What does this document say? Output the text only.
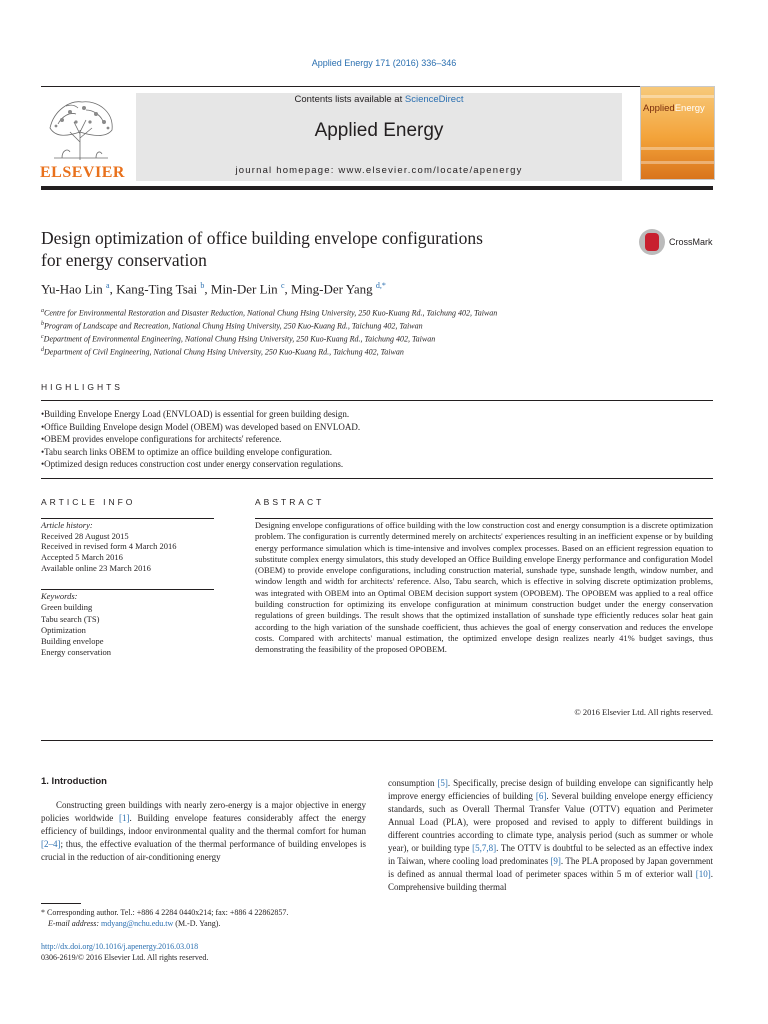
Applied Energy 171 (2016) 336–346
ELSEVIER
Contents lists available at ScienceDirect
Applied Energy
journal homepage: www.elsevier.com/locate/apenergy
AppliedEnergy
Design optimization of office building envelope configurations
for energy conservation
CrossMark
Yu-Hao Lin $^a$, Kang-Ting Tsai $^b$, Min-Der Lin $^c$, Ming-Der Yang $^{d,*}$
$^a$Centre for Environmental Restoration and Disaster Reduction, National Chung Hsing University, 250 Kuo-Kuang Rd., Taichung 402, Taiwan
$^b$Program of Landscape and Recreation, National Chung Hsing University, 250 Kuo-Kuang Rd., Taichung 402, Taiwan
$^c$Department of Environmental Engineering, National Chung Hsing University, 250 Kuo-Kuang Rd., Taichung 402, Taiwan
$^d$Department of Civil Engineering, National Chung Hsing University, 250 Kuo-Kuang Rd., Taichung 402, Taiwan
HIGHLIGHTS
• Building Envelope Energy Load (ENVLOAD) is essential for green building design.
• Office Building Envelope design Model (OBEM) was developed based on ENVLOAD.
• OBEM provides envelope configurations for architects' reference.
• Tabu search links OBEM to optimize an office building envelope configuration.
• Optimized design reduces construction cost under energy conservation regulations.
ARTICLE INFO	ABSTRACT
Article history:
Received 28 August 2015
Received in revised form 4 March 2016
Accepted 5 March 2016
Available online 23 March 2016
Keywords:
Green building
Tabu search (TS)
Optimization
Building envelope
Energy conservation
Designing envelope configurations of office building with the low construction cost and energy consumption is a discrete optimization problem. The configuration is currently determined merely on architects' experiences resulting in an inefficient expense or by building energy performance simulation which is time-intensive and involves complex processes. Based on an efficient regression equation to substitute complex energy simulators, this study developed an Office Building envelope Energy performance and configuration Model (OBEM) to provide envelope configurations, including construction material, sunshade type, sunshade length, window number, and window length and width for architects' reference. Also, Tabu search, which is effective in solving discrete optimization problems, was integrated with OBEM into an Optimal OBEM decision support system (OPOBEM). The OPOBEM was applied to a real office building construction for optimizing its envelope configuration at minimum construction budget under the energy conservation regulations of green buildings. The result shows that the optimized installation of sunshade type efficiently reduces solar heat gain according to the high variation of the sunshade coefficient, thus achieves the goal of energy conservation and reduces the envelope costs. Compared with architects' manual estimation, the optimized envelope design realizes nearly 41% budget savings, thus demonstrating the feasibility of the proposed OPOBEM.
© 2016 Elsevier Ltd. All rights reserved.
1. Introduction

Constructing green buildings with nearly zero-energy is a major objective in energy policies worldwide [1]. Building envelope features considerably affect the energy efficiency of buildings, indoor environmental quality and the thermal comfort for human [2–4]; thus, the effective evaluation of the thermal performance of building envelopes is crucial in the reduction of air-conditioning energy

consumption [5]. Specifically, precise design of building envelope can significantly help improve energy efficiencies of building [6]. Several building envelope energy efficiency standards, such as Overall Thermal Transfer Value (OTTV) equation and Perimeter Annual Load (PLA), were proposed and revised to apply to different buildings in different countries according to climate type, analysis period (such as summer or whole year), or building type [5,7,8]. The OTTV is doubtful to be selected as an effective index in Taiwan, where cooling load predominates [9]. The PLA proposed by Japan government is defined as annual thermal load of perimeter spaces within 5 m of exterior wall [10]. Comprehensive building thermal

* Corresponding author. Tel.: +886 4 2284 0440x214; fax: +886 4 22862857.
E-mail address: mdyang@nchu.edu.tw (M.-D. Yang).
http://dx.doi.org/10.1016/j.apenergy.2016.03.018
0306-2619/© 2016 Elsevier Ltd. All rights reserved.
